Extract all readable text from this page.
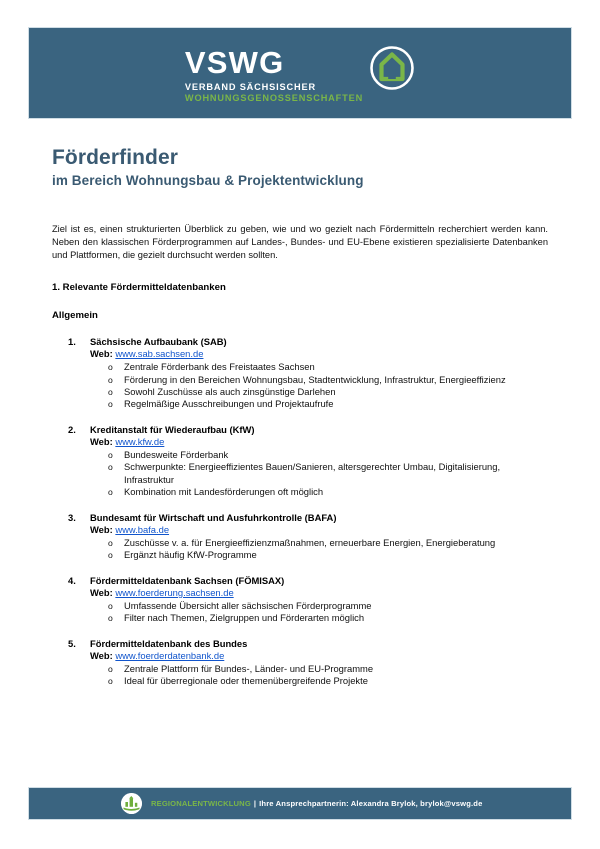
VSWG
VERBAND SÄCHSISCHER
WOHNUNGSGENOSSENSCHAFTEN
Förderfinder
im Bereich Wohnungsbau & Projektentwicklung

Ziel ist es, einen strukturierten Überblick zu geben, wie und wo gezielt nach Fördermitteln recherchiert werden kann. Neben den klassischen Förderprogrammen auf Landes-, Bundes- und EU-Ebene existieren spezialisierte Datenbanken und Plattformen, die gezielt durchsucht werden sollten.

1. Relevante Fördermitteldatenbanken
Allgemein
1. Sächsische Aufbaubank (SAB)
Web: www.sab.sachsen.de
o Zentrale Förderbank des Freistaates Sachsen
o Förderung in den Bereichen Wohnungsbau, Stadtentwicklung, Infrastruktur, Energieeffizienz
o Sowohl Zuschüsse als auch zinsgünstige Darlehen
o Regelmäßige Ausschreibungen und Projektaufrufe
2. Kreditanstalt für Wiederaufbau (KfW)
Web: www.kfw.de
o Bundesweite Förderbank
o Schwerpunkte: Energieeffizientes Bauen/Sanieren, altersgerechter Umbau, Digitalisierung, Infrastruktur
o Kombination mit Landesförderungen oft möglich
3. Bundesamt für Wirtschaft und Ausfuhrkontrolle (BAFA)
Web: www.bafa.de
o Zuschüsse v. a. für Energieeffizienzmaßnahmen, erneuerbare Energien, Energieberatung
o Ergänzt häufig KfW-Programme
4. Fördermitteldatenbank Sachsen (FÖMISAX)
Web: www.foerderung.sachsen.de
o Umfassende Übersicht aller sächsischen Förderprogramme
o Filter nach Themen, Zielgruppen und Förderarten möglich
5. Fördermitteldatenbank des Bundes
Web: www.foerderdatenbank.de
o Zentrale Plattform für Bundes-, Länder- und EU-Programme
o Ideal für überregionale oder themenübergreifende Projekte
REGIONALENTWICKLUNG | Ihre Ansprechpartnerin: Alexandra Brylok, brylok@vswg.de
